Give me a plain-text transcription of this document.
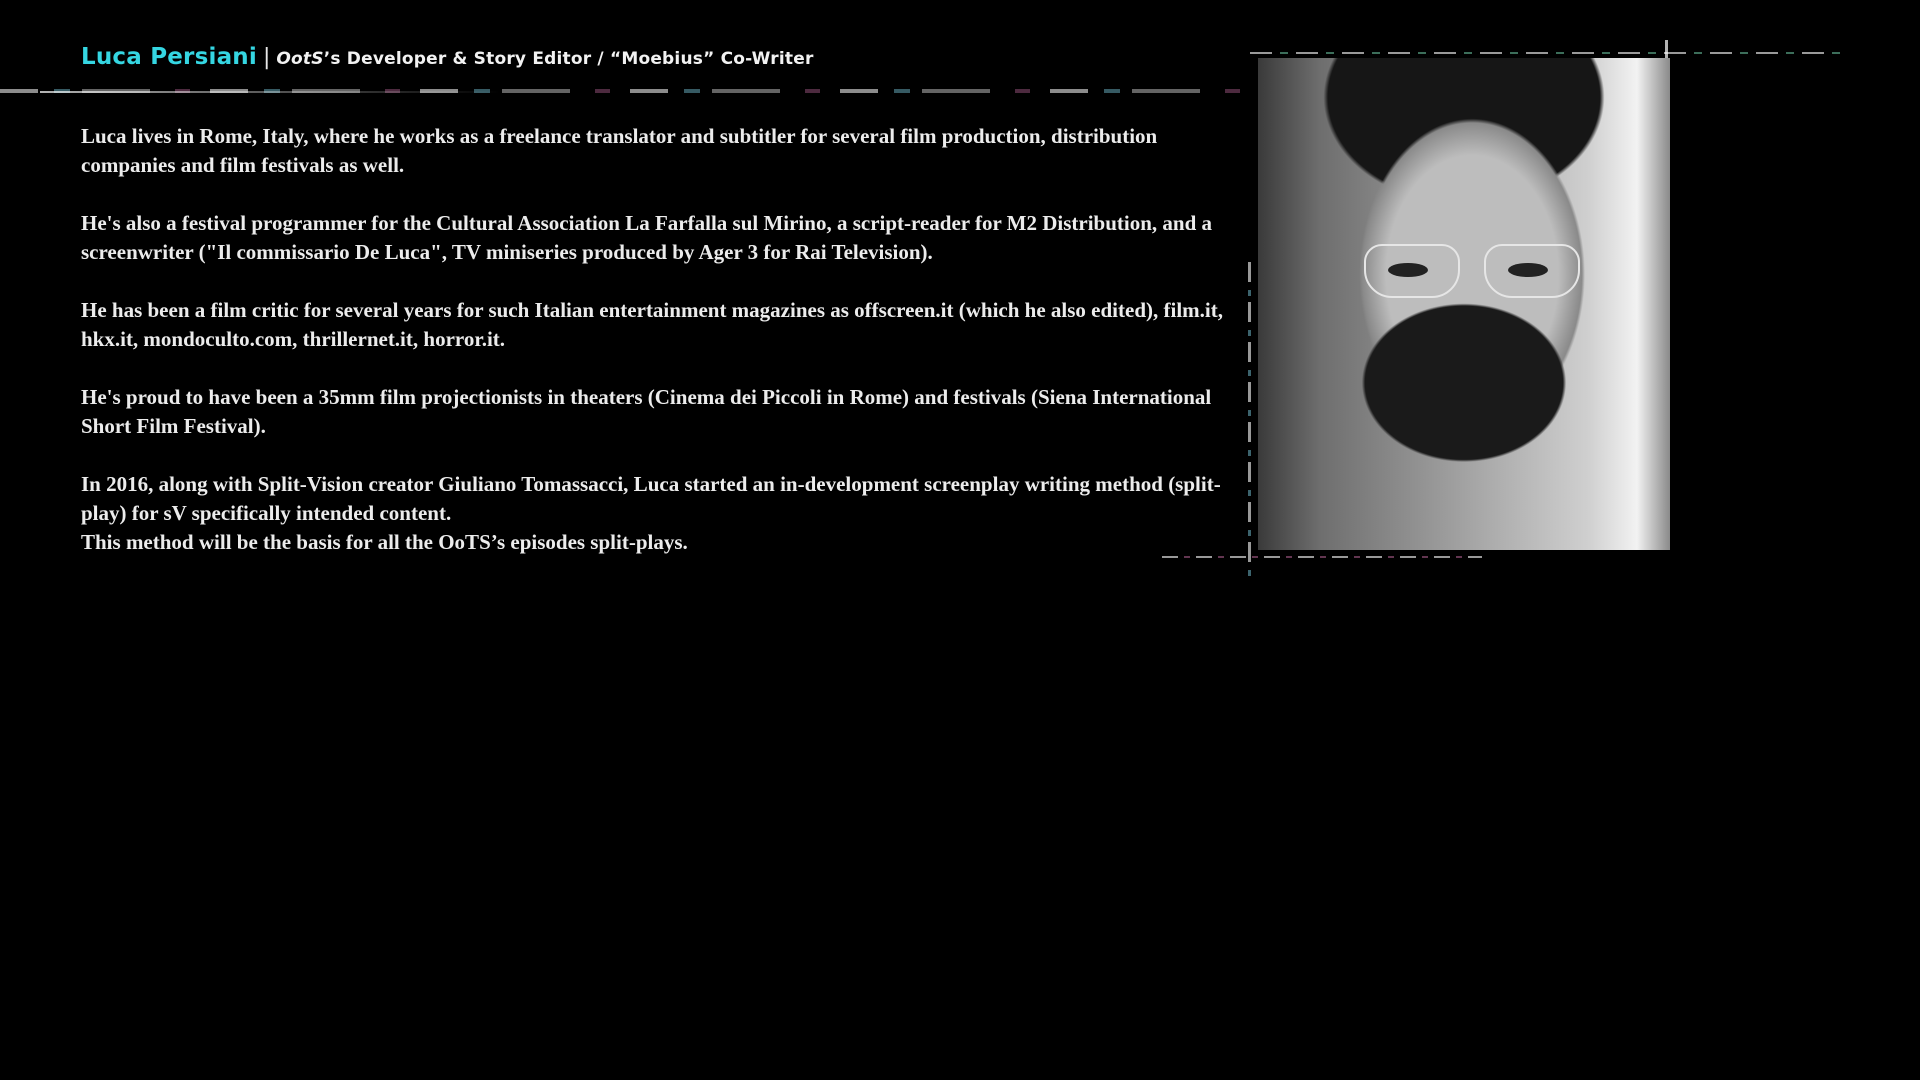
Luca Persiani | OotS’s Developer & Story Editor / “Moebius” Co-Writer

Luca lives in Rome, Italy, where he works as a freelance translator and subtitler for several film production, distribution companies and film festivals as well.

He's also a festival programmer for the Cultural Association La Farfalla sul Mirino, a script-reader for M2 Distribution, and a screenwriter ("Il commissario De Luca", TV miniseries produced by Ager 3 for Rai Television).

He has been a film critic for several years for such Italian entertainment magazines as offscreen.it (which he also edited), film.it, hkx.it, mondoculto.com, thrillernet.it, horror.it.

He's proud to have been a 35mm film projectionists in theaters (Cinema dei Piccoli in Rome) and festivals (Siena International Short Film Festival).

In 2016, along with Split-Vision creator Giuliano Tomassacci, Luca started an in-development screenplay writing method (split-play) for sV specifically intended content.

This method will be the basis for all the OoTS’s episodes split-plays.
